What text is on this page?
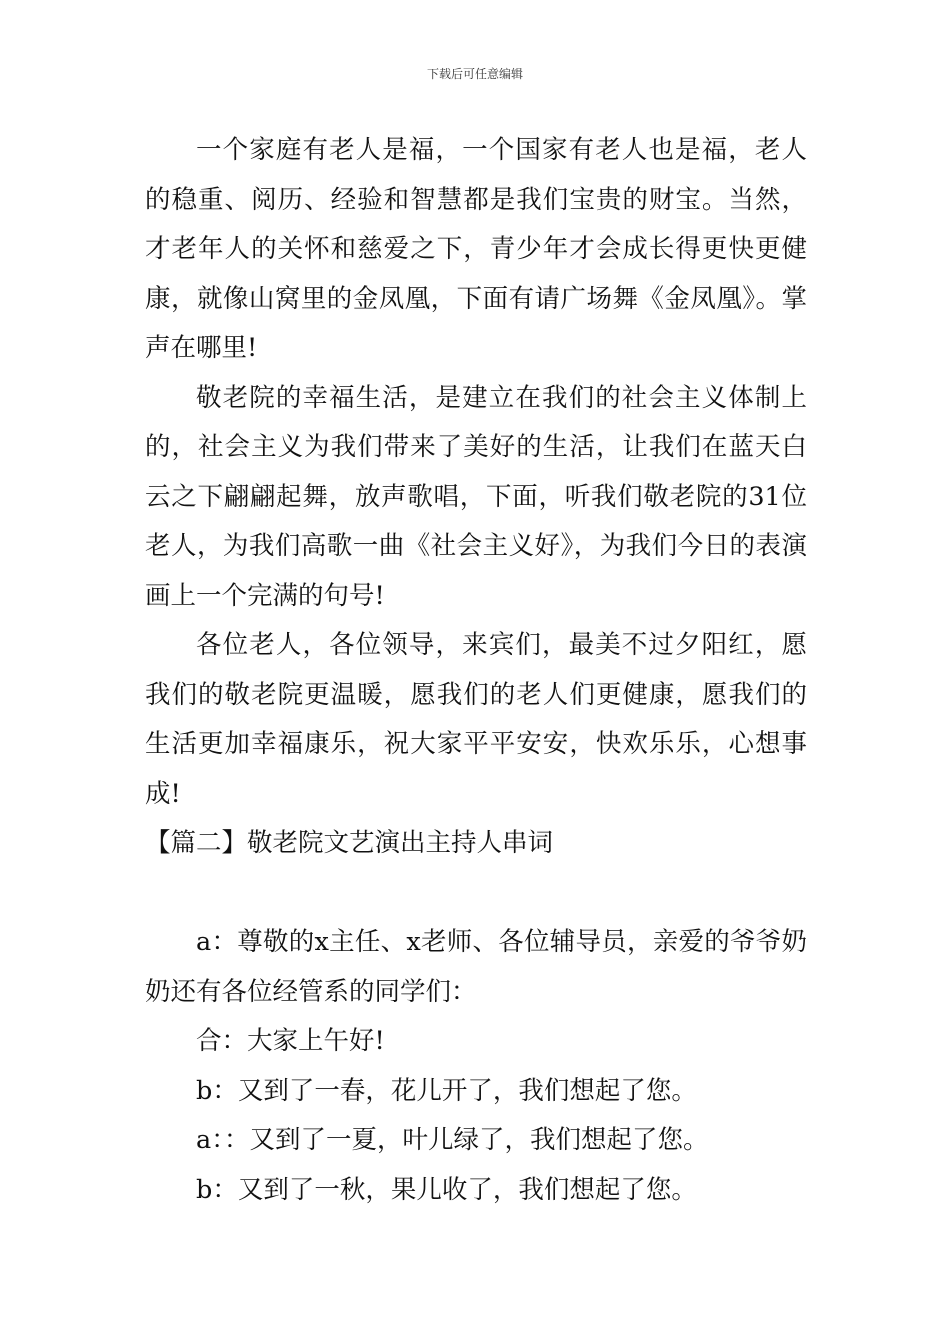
下载后可任意编辑

一个家庭有老人是福，一个国家有老人也是福，老人的稳重、阅历、经验和智慧都是我们宝贵的财宝。当然，才老年人的关怀和慈爱之下，青少年才会成长得更快更健康，就像山窝里的金凤凰，下面有请广场舞《金凤凰》。掌声在哪里!

敬老院的幸福生活，是建立在我们的社会主义体制上的，社会主义为我们带来了美好的生活，让我们在蓝天白云之下翩翩起舞，放声歌唱，下面，听我们敬老院的31位老人，为我们高歌一曲《社会主义好》，为我们今日的表演画上一个完满的句号!

各位老人，各位领导，来宾们，最美不过夕阳红，愿我们的敬老院更温暖，愿我们的老人们更健康，愿我们的生活更加幸福康乐，祝大家平平安安，快欢乐乐，心想事成!

【篇二】敬老院文艺演出主持人串词

a：尊敬的x主任、x老师、各位辅导员，亲爱的爷爷奶奶还有各位经管系的同学们：

合：大家上午好!

b：又到了一春，花儿开了，我们想起了您。

a：：又到了一夏，叶儿绿了，我们想起了您。

b：又到了一秋，果儿收了，我们想起了您。
